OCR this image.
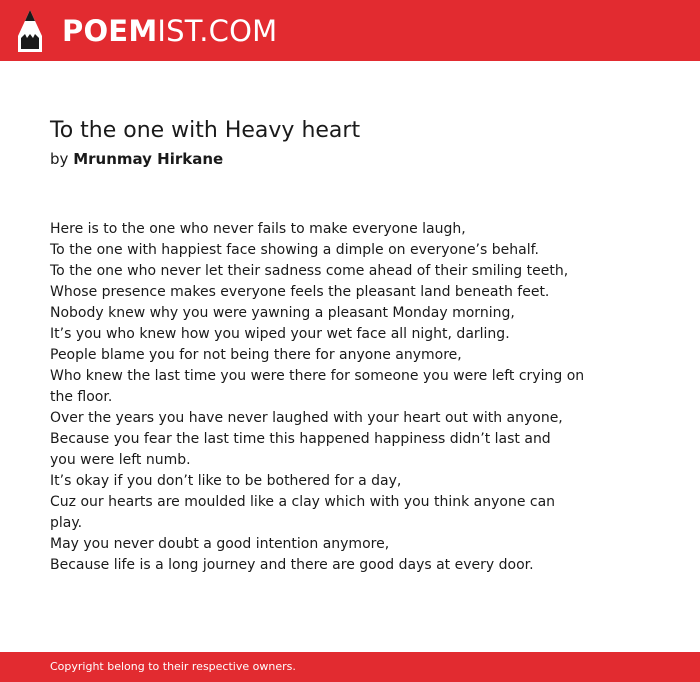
POEMIST.COM
To the one with Heavy heart
by Mrunmay Hirkane
Here is to the one who never fails to make everyone laugh,
To the one with happiest face showing a dimple on everyone’s behalf.
To the one who never let their sadness come ahead of their smiling teeth,
Whose presence makes everyone feels the pleasant land beneath feet.
Nobody knew why you were yawning a pleasant Monday morning,
It’s you who knew how you wiped your wet face all night, darling.
People blame you for not being there for anyone anymore,
Who knew the last time you were there for someone you were left crying on
the floor.
Over the years you have never laughed with your heart out with anyone,
Because you fear the last time this happened happiness didn’t last and
you were left numb.
It’s okay if you don’t like to be bothered for a day,
Cuz our hearts are moulded like a clay which with you think anyone can
play.
May you never doubt a good intention anymore,
Because life is a long journey and there are good days at every door.
Copyright belong to their respective owners.
